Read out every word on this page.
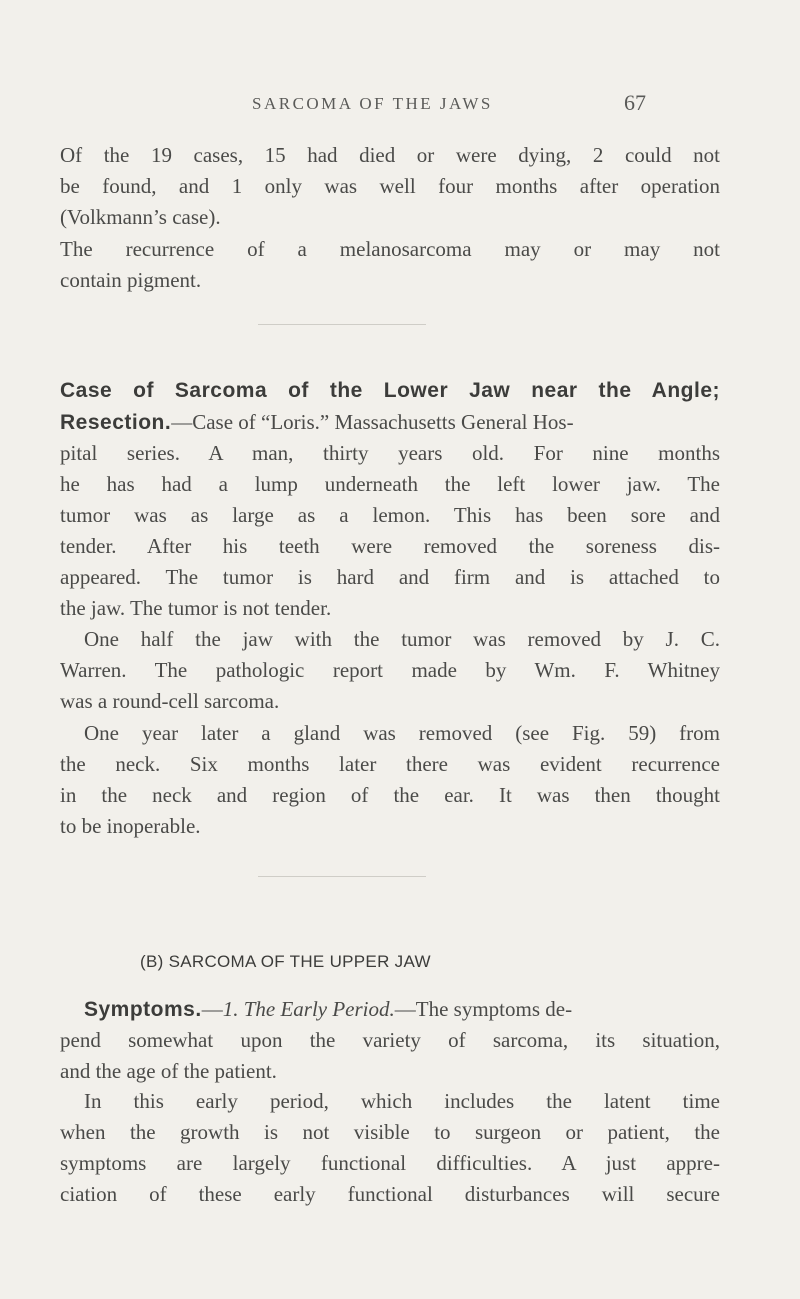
SARCOMA OF THE JAWS	67
Of the 19 cases, 15 had died or were dying, 2 could not
be found, and 1 only was well four months after operation
(Volkmann’s case).
The recurrence of a melanosarcoma may or may not
contain pigment.
Case of Sarcoma of the Lower Jaw near the Angle;
Resection.—Case of “Loris.” Massachusetts General Hos-
pital series. A man, thirty years old. For nine months
he has had a lump underneath the left lower jaw. The
tumor was as large as a lemon. This has been sore and
tender. After his teeth were removed the soreness dis-
appeared. The tumor is hard and firm and is attached to
the jaw. The tumor is not tender.
One half the jaw with the tumor was removed by J. C.
Warren. The pathologic report made by Wm. F. Whitney
was a round-cell sarcoma.
One year later a gland was removed (see Fig. 59) from
the neck. Six months later there was evident recurrence
in the neck and region of the ear. It was then thought
to be inoperable.
(B) SARCOMA OF THE UPPER JAW
Symptoms.—1. The Early Period.—The symptoms de-
pend somewhat upon the variety of sarcoma, its situation,
and the age of the patient.
In this early period, which includes the latent time
when the growth is not visible to surgeon or patient, the
symptoms are largely functional difficulties. A just appre-
ciation of these early functional disturbances will secure
